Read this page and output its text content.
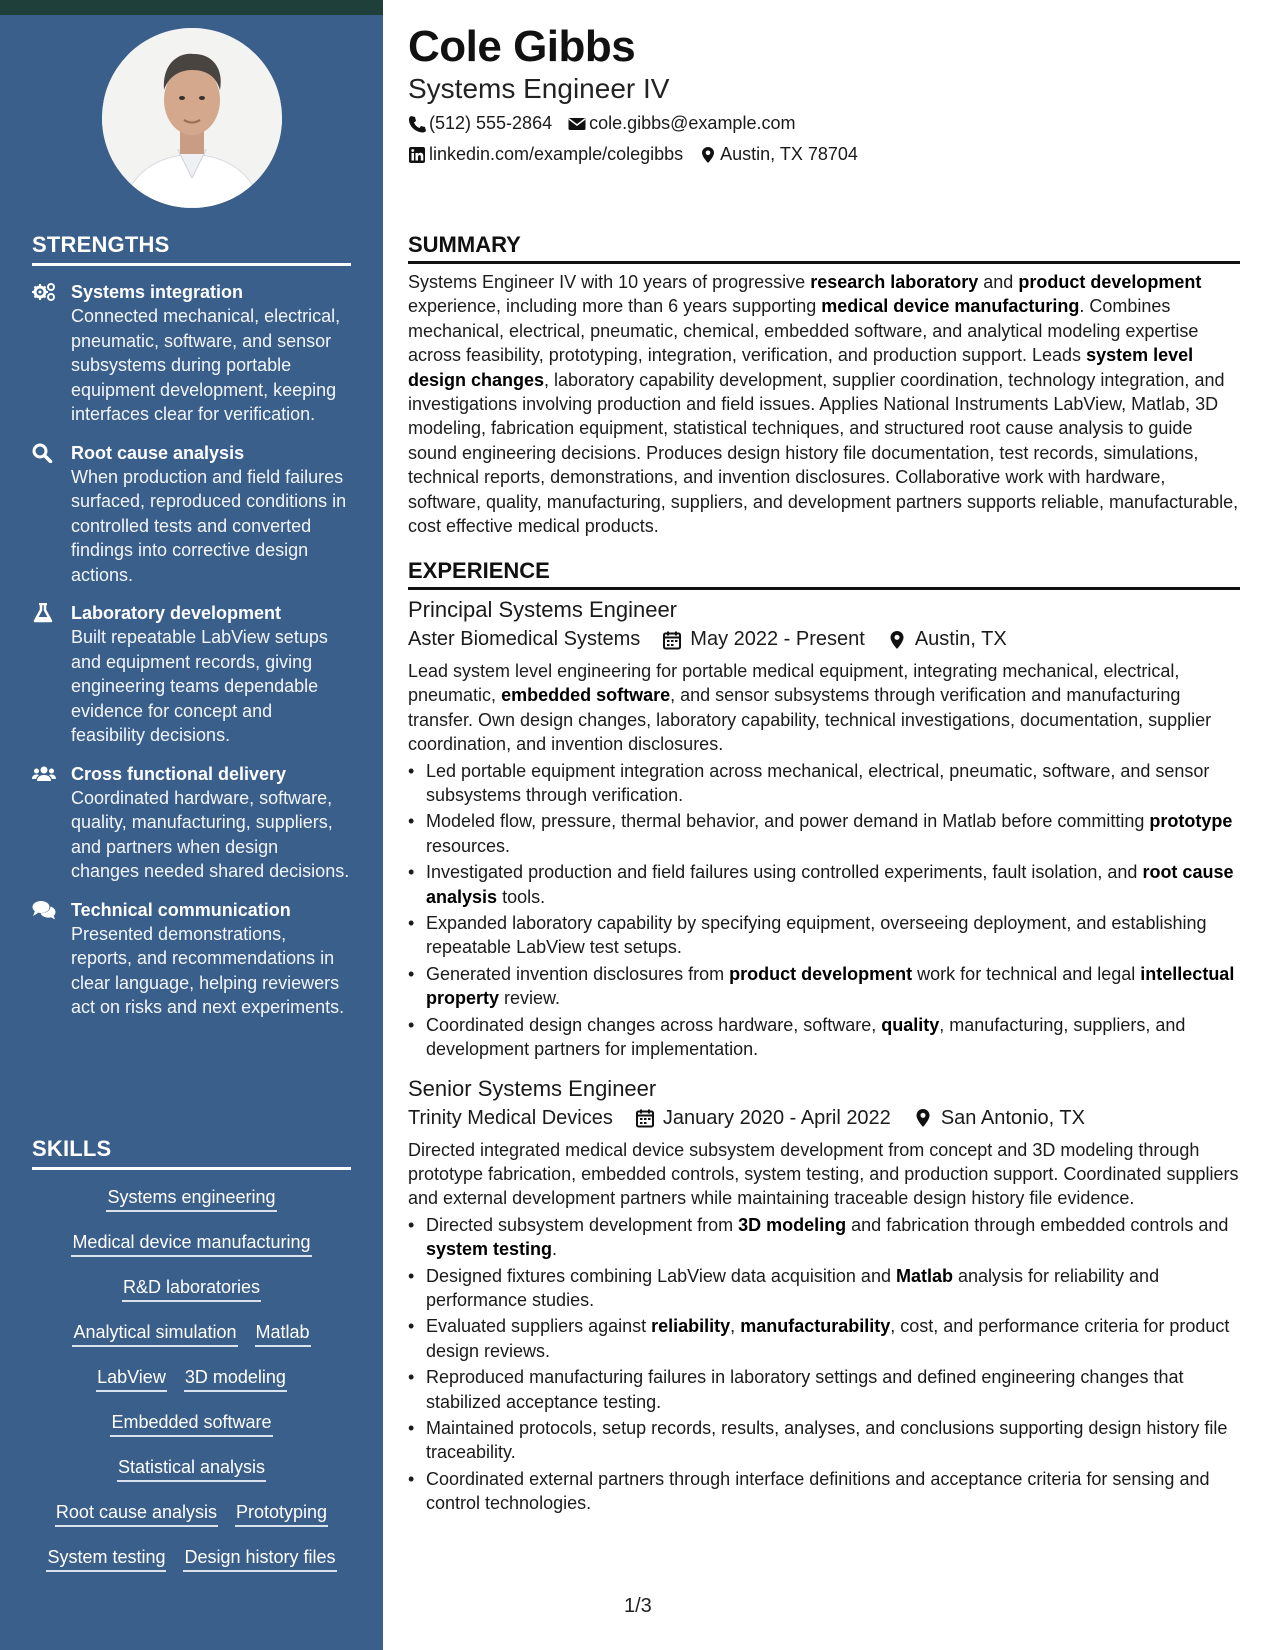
STRENGTHS
Systems integration
Connected mechanical, electrical, pneumatic, software, and sensor subsystems during portable equipment development, keeping interfaces clear for verification.
Root cause analysis
When production and field failures surfaced, reproduced conditions in controlled tests and converted findings into corrective design actions.
Laboratory development
Built repeatable LabView setups and equipment records, giving engineering teams dependable evidence for concept and feasibility decisions.
Cross functional delivery
Coordinated hardware, software, quality, manufacturing, suppliers, and partners when design changes needed shared decisions.
Technical communication
Presented demonstrations, reports, and recommendations in clear language, helping reviewers act on risks and next experiments.
SKILLS
Systems engineering
Medical device manufacturing
R&D laboratories
Analytical simulation Matlab
LabView 3D modeling
Embedded software
Statistical analysis
Root cause analysis Prototyping
System testing Design history files
Cole Gibbs
Systems Engineer IV
(512) 555-2864 cole.gibbs@example.com
linkedin.com/example/colegibbs Austin, TX 78704
SUMMARY
Systems Engineer IV with 10 years of progressive research laboratory and product development experience, including more than 6 years supporting medical device manufacturing. Combines mechanical, electrical, pneumatic, chemical, embedded software, and analytical modeling expertise across feasibility, prototyping, integration, verification, and production support. Leads system level design changes, laboratory capability development, supplier coordination, technology integration, and investigations involving production and field issues. Applies National Instruments LabView, Matlab, 3D modeling, fabrication equipment, statistical techniques, and structured root cause analysis to guide sound engineering decisions. Produces design history file documentation, test records, simulations, technical reports, demonstrations, and invention disclosures. Collaborative work with hardware, software, quality, manufacturing, suppliers, and development partners supports reliable, manufacturable, cost effective medical products.
EXPERIENCE
Principal Systems Engineer
Aster Biomedical Systems	May 2022 - Present	Austin, TX
Lead system level engineering for portable medical equipment, integrating mechanical, electrical, pneumatic, embedded software, and sensor subsystems through verification and manufacturing transfer. Own design changes, laboratory capability, technical investigations, documentation, supplier coordination, and invention disclosures.
• Led portable equipment integration across mechanical, electrical, pneumatic, software, and sensor subsystems through verification.
• Modeled flow, pressure, thermal behavior, and power demand in Matlab before committing prototype resources.
• Investigated production and field failures using controlled experiments, fault isolation, and root cause analysis tools.
• Expanded laboratory capability by specifying equipment, overseeing deployment, and establishing repeatable LabView test setups.
• Generated invention disclosures from product development work for technical and legal intellectual property review.
• Coordinated design changes across hardware, software, quality, manufacturing, suppliers, and development partners for implementation.
Senior Systems Engineer
Trinity Medical Devices	January 2020 - April 2022	San Antonio, TX
Directed integrated medical device subsystem development from concept and 3D modeling through prototype fabrication, embedded controls, system testing, and production support. Coordinated suppliers and external development partners while maintaining traceable design history file evidence.
• Directed subsystem development from 3D modeling and fabrication through embedded controls and system testing.
• Designed fixtures combining LabView data acquisition and Matlab analysis for reliability and performance studies.
• Evaluated suppliers against reliability, manufacturability, cost, and performance criteria for product design reviews.
• Reproduced manufacturing failures in laboratory settings and defined engineering changes that stabilized acceptance testing.
• Maintained protocols, setup records, results, analyses, and conclusions supporting design history file traceability.
• Coordinated external partners through interface definitions and acceptance criteria for sensing and control technologies.
1/3
